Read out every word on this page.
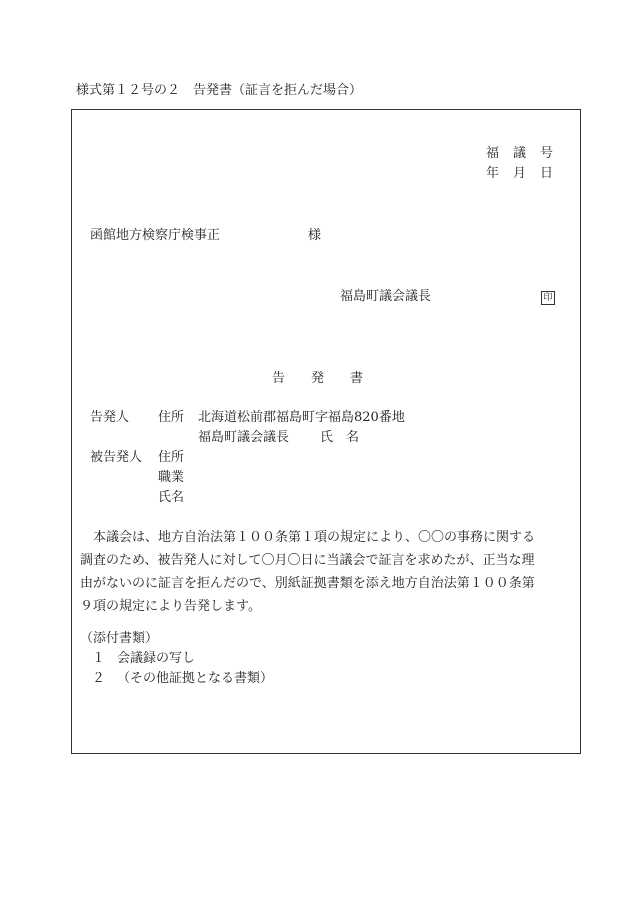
様式第１２号の２　告発書（証言を拒んだ場合）
福　議　号
年　月　日
函館地方検察庁検事正	様
福島町議会議長	印
告　　発　　書
告発人 住所 北海道松前郡福島町字福島820番地
福島町議会議長 氏　名
被告発人 住所
職業
氏名
　本議会は、地方自治法第１００条第１項の規定により、〇〇の事務に関する
調査のため、被告発人に対して〇月〇日に当議会で証言を求めたが、正当な理
由がないのに証言を拒んだので、別紙証拠書類を添え地方自治法第１００条第
９項の規定により告発します。
（添付書類）
１ 会議録の写し
２ （その他証拠となる書類）
